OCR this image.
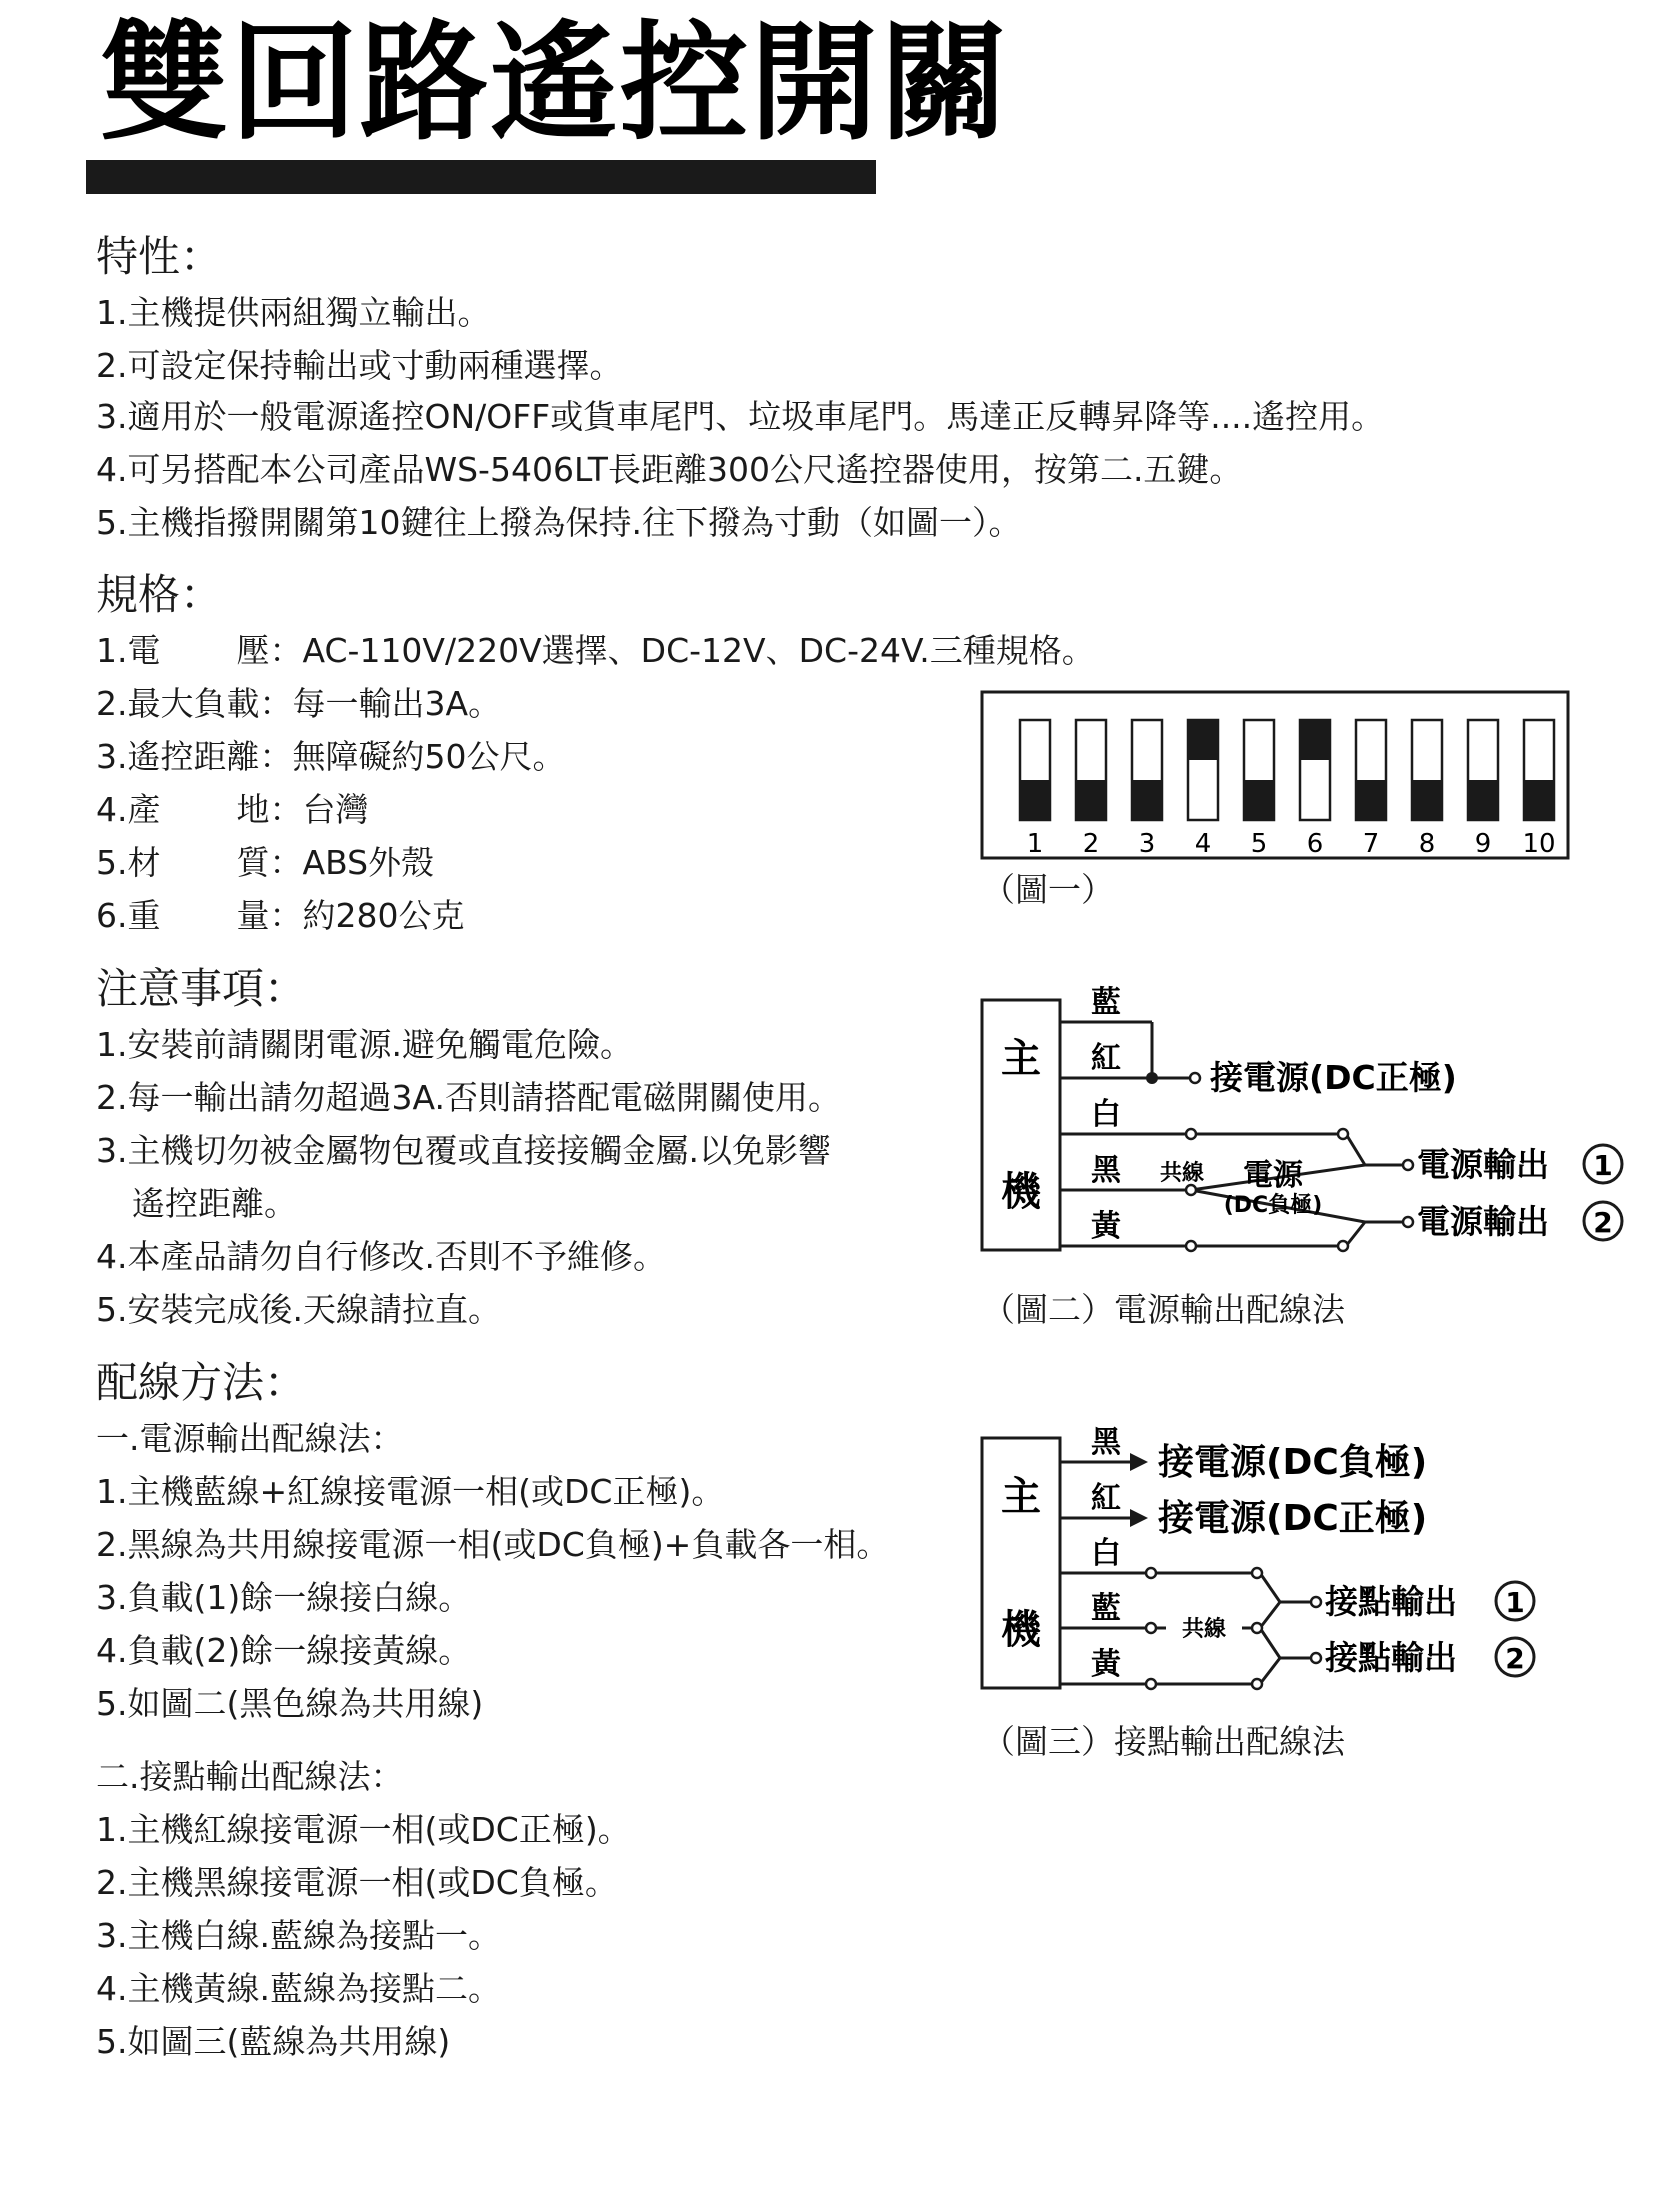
雙回路遙控開關

特性：

1.主機提供兩組獨立輸出。

2.可設定保持輸出或寸動兩種選擇。

3.適用於一般電源遙控ON/OFF或貨車尾門、垃圾車尾門。馬達正反轉昇降等....遙控用。
4.可另搭配本公司產品WS-5406LT長距離300公尺遙控器使用，按第二.五鍵。
5.主機指撥開關第10鍵往上撥為保持.往下撥為寸動（如圖一）。

規格：

1.電 壓：AC-110V/220V選擇、DC-12V、DC-24V.三種規格。

2.最大負載：每一輸出3A。

3.遙控距離：無障礙約50公尺。

4.產 地：台灣

5.材 質：ABS外殼

6.重 量：約280公克

注意事項：

1.安裝前請關閉電源.避免觸電危險。

2.每一輸出請勿超過3A.否則請搭配電磁開關使用。

3.主機切勿被金屬物包覆或直接接觸金屬.以免影響

遙控距離。

4.本產品請勿自行修改.否則不予維修。

5.安裝完成後.天線請拉直。

配線方法：

一.電源輸出配線法：

1.主機藍線+紅線接電源一相(或DC正極)。

2.黑線為共用線接電源一相(或DC負極)+負載各一相。

3.負載(1)餘一線接白線。

4.負載(2)餘一線接黃線。

5.如圖二(黑色線為共用線)

二.接點輸出配線法：

1.主機紅線接電源一相(或DC正極)。

2.主機黑線接電源一相(或DC負極。

3.主機白線.藍線為接點一。

4.主機黃線.藍線為接點二。

5.如圖三(藍線為共用線)

1 2 3 4 5 6 7 8 9 10
（圖一）
主
機
藍
紅
白
黑
黃
共線
接電源(DC正極)
電源
(DC負極)
電源輸出
電源輸出
1
2
（圖二）電源輸出配線法
主
機
黑
紅
白
藍
黃
共線
接電源(DC負極)
接電源(DC正極)
接點輸出
接點輸出
1
2
（圖三）接點輸出配線法
